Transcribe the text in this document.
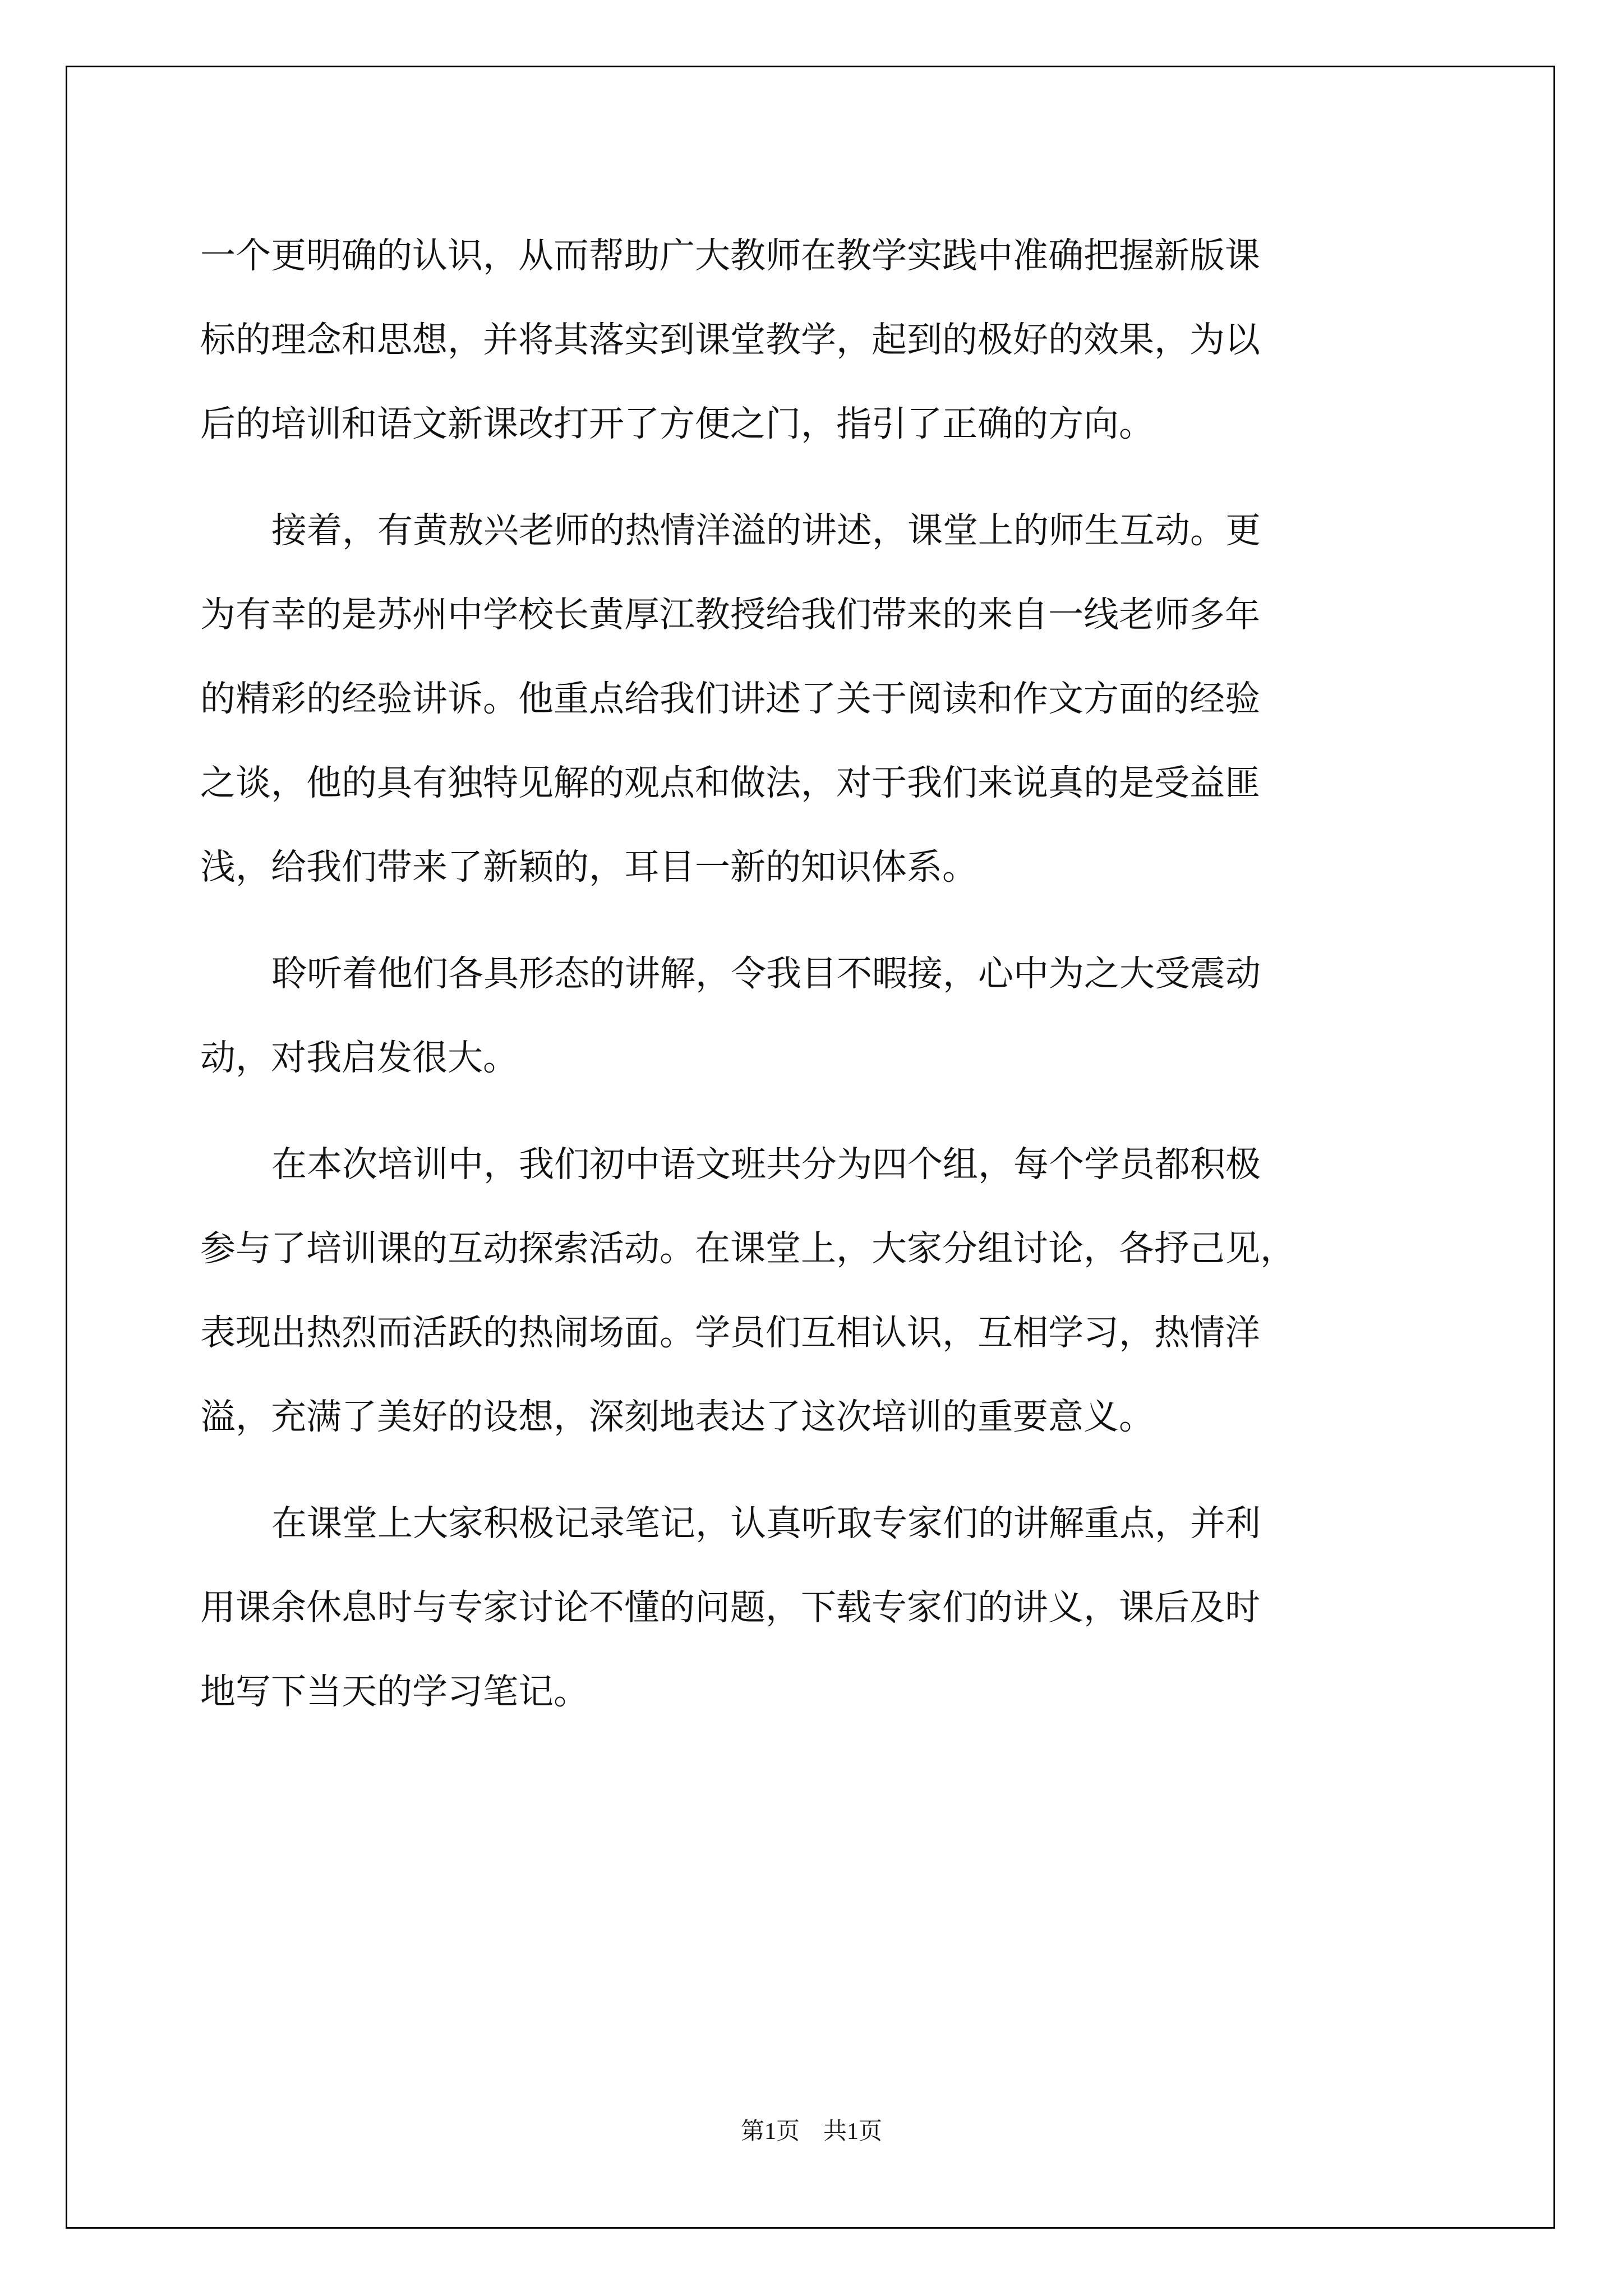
一个更明确的认识，从而帮助广大教师在教学实践中准确把握新版课
标的理念和思想，并将其落实到课堂教学，起到的极好的效果，为以
后的培训和语文新课改打开了方便之门，指引了正确的方向。
接着，有黄敖兴老师的热情洋溢的讲述，课堂上的师生互动。更
为有幸的是苏州中学校长黄厚江教授给我们带来的来自一线老师多年
的精彩的经验讲诉。他重点给我们讲述了关于阅读和作文方面的经验
之谈，他的具有独特见解的观点和做法，对于我们来说真的是受益匪
浅，给我们带来了新颖的，耳目一新的知识体系。
聆听着他们各具形态的讲解，令我目不暇接，心中为之大受震动
动，对我启发很大。
在本次培训中，我们初中语文班共分为四个组，每个学员都积极
参与了培训课的互动探索活动。在课堂上，大家分组讨论，各抒己见，
表现出热烈而活跃的热闹场面。学员们互相认识，互相学习，热情洋
溢，充满了美好的设想，深刻地表达了这次培训的重要意义。
在课堂上大家积极记录笔记，认真听取专家们的讲解重点，并利
用课余休息时与专家讨论不懂的问题，下载专家们的讲义，课后及时
地写下当天的学习笔记。
第1页 共1页
